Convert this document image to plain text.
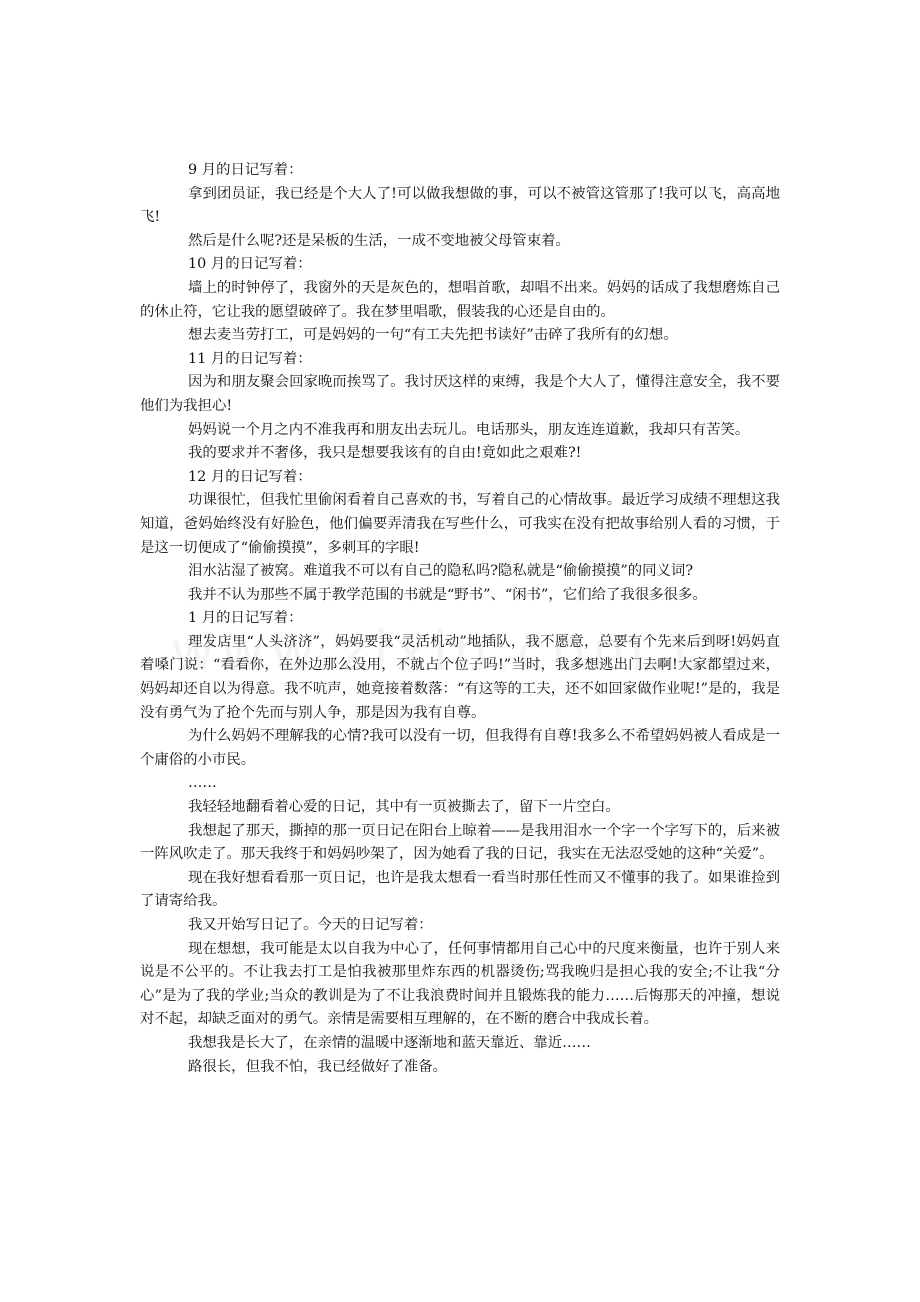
9 月的日记写着：

拿到团员证，我已经是个大人了!可以做我想做的事，可以不被管这管那了!我可以飞，高高地飞!

然后是什么呢?还是呆板的生活，一成不变地被父母管束着。

10 月的日记写着：

墙上的时钟停了，我窗外的天是灰色的，想唱首歌，却唱不出来。妈妈的话成了我想磨炼自己的休止符，它让我的愿望破碎了。我在梦里唱歌，假装我的心还是自由的。

想去麦当劳打工，可是妈妈的一句“有工夫先把书读好”击碎了我所有的幻想。

11 月的日记写着：

因为和朋友聚会回家晚而挨骂了。我讨厌这样的束缚，我是个大人了，懂得注意安全，我不要他们为我担心!

妈妈说一个月之内不准我再和朋友出去玩儿。电话那头，朋友连连道歉，我却只有苦笑。

我的要求并不奢侈，我只是想要我该有的自由!竟如此之艰难?!

12 月的日记写着：

功课很忙，但我忙里偷闲看着自己喜欢的书，写着自己的心情故事。最近学习成绩不理想这我知道，爸妈始终没有好脸色，他们偏要弄清我在写些什么，可我实在没有把故事给别人看的习惯，于是这一切便成了“偷偷摸摸”，多刺耳的字眼!

泪水沾湿了被窝。难道我不可以有自己的隐私吗?隐私就是“偷偷摸摸”的同义词?

我并不认为那些不属于教学范围的书就是“野书”、“闲书”，它们给了我很多很多。

1 月的日记写着：

理发店里“人头济济”，妈妈要我“灵活机动”地插队，我不愿意，总要有个先来后到呀!妈妈直着嗓门说：“看看你，在外边那么没用，不就占个位子吗!”当时，我多想逃出门去啊!大家都望过来，妈妈却还自以为得意。我不吭声，她竟接着数落：“有这等的工夫，还不如回家做作业呢!”是的，我是没有勇气为了抢个先而与别人争，那是因为我有自尊。

为什么妈妈不理解我的心情?我可以没有一切，但我得有自尊!我多么不希望妈妈被人看成是一个庸俗的小市民。

……

我轻轻地翻看着心爱的日记，其中有一页被撕去了，留下一片空白。

我想起了那天，撕掉的那一页日记在阳台上晾着——是我用泪水一个字一个字写下的，后来被一阵风吹走了。那天我终于和妈妈吵架了，因为她看了我的日记，我实在无法忍受她的这种“关爱”。

现在我好想看看那一页日记，也许是我太想看一看当时那任性而又不懂事的我了。如果谁捡到了请寄给我。

我又开始写日记了。今天的日记写着：

现在想想，我可能是太以自我为中心了，任何事情都用自己心中的尺度来衡量，也许于别人来说是不公平的。不让我去打工是怕我被那里炸东西的机器烫伤;骂我晚归是担心我的安全;不让我“分心”是为了我的学业;当众的教训是为了不让我浪费时间并且锻炼我的能力……后悔那天的冲撞，想说对不起，却缺乏面对的勇气。亲情是需要相互理解的，在不断的磨合中我成长着。

我想我是长大了，在亲情的温暖中逐渐地和蓝天靠近、靠近……

路很长，但我不怕，我已经做好了准备。
